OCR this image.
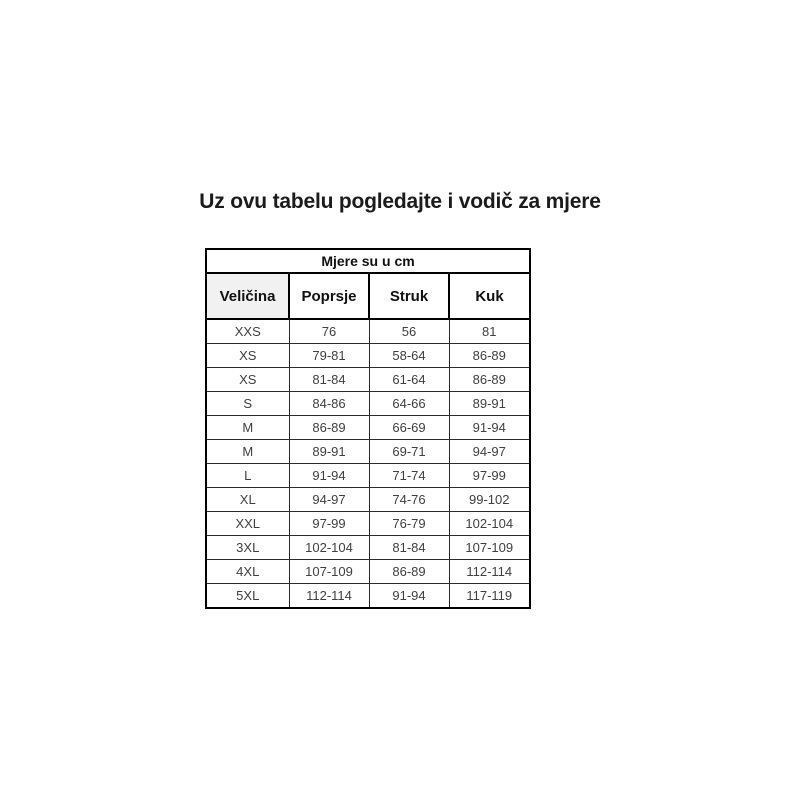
Uz ovu tabelu pogledajte i vodič za mjere
Mjere su u cm			
Veličina	Poprsje	Struk	Kuk
XXS	76	56	81
XS	79-81	58-64	86-89
XS	81-84	61-64	86-89
S	84-86	64-66	89-91
M	86-89	66-69	91-94
M	89-91	69-71	94-97
L	91-94	71-74	97-99
XL	94-97	74-76	99-102
XXL	97-99	76-79	102-104
3XL	102-104	81-84	107-109
4XL	107-109	86-89	112-114
5XL	112-114	91-94	117-119
